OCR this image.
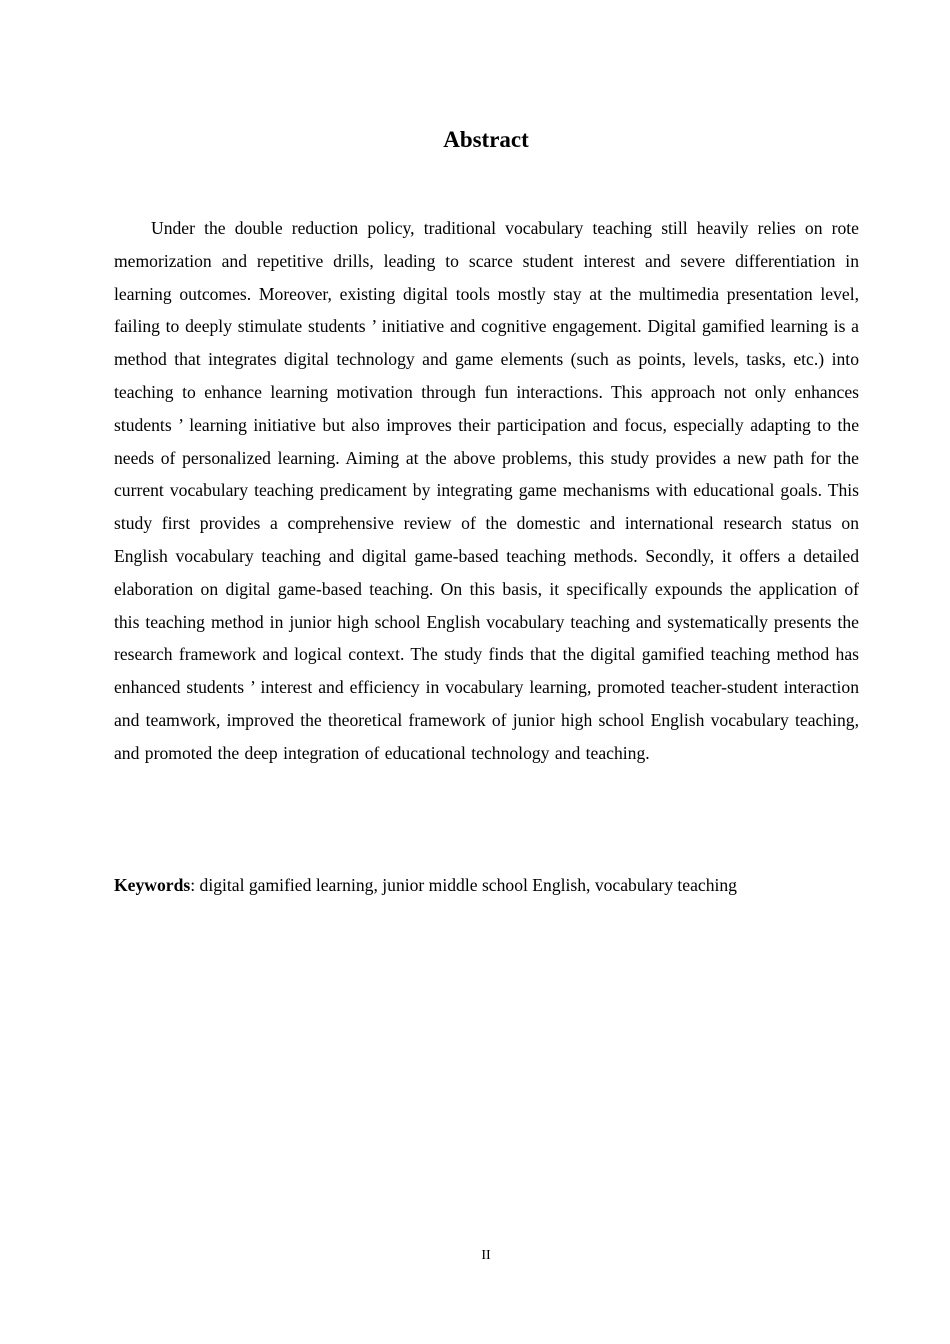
Abstract

Under the double reduction policy, traditional vocabulary teaching still heavily relies on rote memorization and repetitive drills, leading to scarce student interest and severe differentiation in learning outcomes. Moreover, existing digital tools mostly stay at the multimedia presentation level, failing to deeply stimulate students ’ initiative and cognitive engagement. Digital gamified learning is a method that integrates digital technology and game elements (such as points, levels, tasks, etc.) into teaching to enhance learning motivation through fun interactions. This approach not only enhances students ’ learning initiative but also improves their participation and focus, especially adapting to the needs of personalized learning. Aiming at the above problems, this study provides a new path for the current vocabulary teaching predicament by integrating game mechanisms with educational goals. This study first provides a comprehensive review of the domestic and international research status on English vocabulary teaching and digital game-based teaching methods. Secondly, it offers a detailed elaboration on digital game-based teaching. On this basis, it specifically expounds the application of this teaching method in junior high school English vocabulary teaching and systematically presents the research framework and logical context. The study finds that the digital gamified teaching method has enhanced students ’ interest and efficiency in vocabulary learning, promoted teacher-student interaction and teamwork, improved the theoretical framework of junior high school English vocabulary teaching, and promoted the deep integration of educational technology and teaching.

Keywords: digital gamified learning, junior middle school English, vocabulary teaching

II
